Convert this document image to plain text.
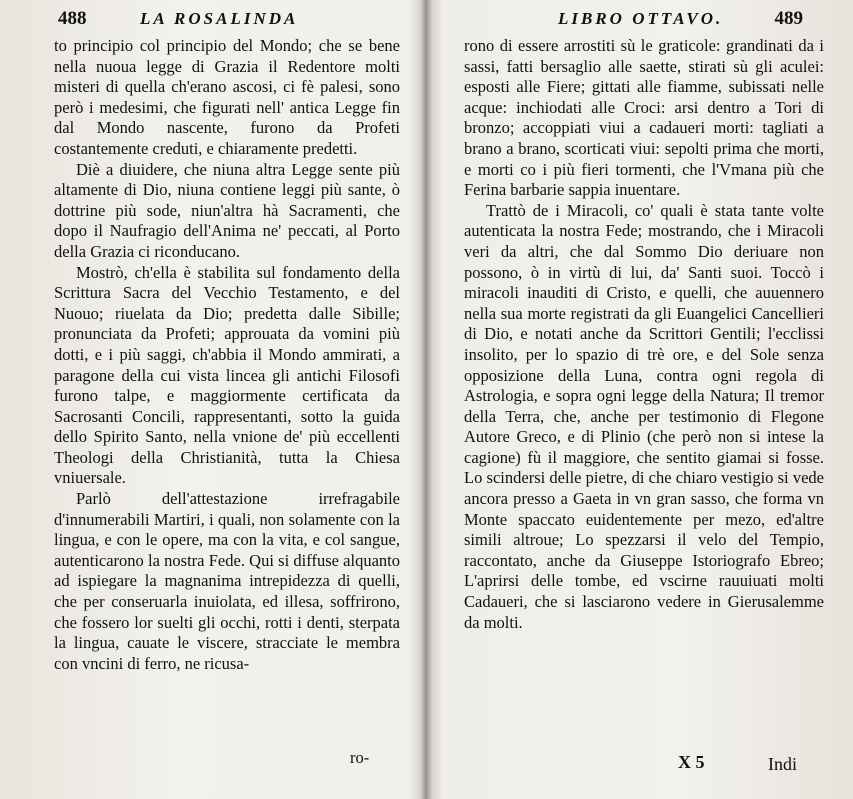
488	LA ROSALINDA

to principio col principio del Mondo; che se bene nella nuoua legge di Grazia il Redentore molti misteri di quella ch'erano ascosi, ci fè palesi, sono però i medesimi, che figurati nell' antica Legge fin dal Mondo nascente, furono da Profeti costantemente creduti, e chiaramente predetti.

Diè a diuidere, che niuna altra Legge sente più altamente di Dio, niuna contiene leggi più sante, ò dottrine più sode, niun'altra hà Sacramenti, che dopo il Naufragio dell'Anima ne' peccati, al Porto della Grazia ci riconducano.

Mostrò, ch'ella è stabilita sul fondamento della Scrittura Sacra del Vecchio Testamento, e del Nuouo; riuelata da Dio; predetta dalle Sibille; pronunciata da Profeti; approuata da vomini più dotti, e i più saggi, ch'abbia il Mondo ammirati, a paragone della cui vista lincea gli antichi Filosofi furono talpe, e maggiormente certificata da Sacrosanti Concili, rappresentanti, sotto la guida dello Spirito Santo, nella vnione de' più eccellenti Theologi della Christianità, tutta la Chiesa vniuersale.

Parlò dell'attestazione irrefragabile d'innumerabili Martiri, i quali, non solamente con la lingua, e con le opere, ma con la vita, e col sangue, autenticarono la nostra Fede. Qui si diffuse alquanto ad ispiegare la magnanima intrepidezza di quelli, che per conseruarla inuiolata, ed illesa, soffrirono, che fossero lor suelti gli occhi, rotti i denti, sterpata la lingua, cauate le viscere, stracciate le membra con vncini di ferro, ne ricusa-

ro-
LIBRO OTTAVO.	489

rono di essere arrostiti sù le graticole: grandinati da i sassi, fatti bersaglio alle saette, stirati sù gli aculei: esposti alle Fiere; gittati alle fiamme, subissati nelle acque: inchiodati alle Croci: arsi dentro a Tori di bronzo; accoppiati viui a cadaueri morti: tagliati a brano a brano, scorticati viui: sepolti prima che morti, e morti co i più fieri tormenti, che l'Vmana più che Ferina barbarie sappia inuentare.

Trattò de i Miracoli, co' quali è stata tante volte autenticata la nostra Fede; mostrando, che i Miracoli veri da altri, che dal Sommo Dio deriuare non possono, ò in virtù di lui, da' Santi suoi. Toccò i miracoli inauditi di Cristo, e quelli, che auuennero nella sua morte registrati da gli Euangelici Cancellieri di Dio, e notati anche da Scrittori Gentili; l'ecclissi insolito, per lo spazio di trè ore, e del Sole senza opposizione della Luna, contra ogni regola di Astrologia, e sopra ogni legge della Natura; Il tremor della Terra, che, anche per testimonio di Flegone Autore Greco, e di Plinio (che però non si intese la cagione) fù il maggiore, che sentito giamai si fosse. Lo scindersi delle pietre, di che chiaro vestigio si vede ancora presso a Gaeta in vn gran sasso, che forma vn Monte spaccato euidentemente per mezo, ed'altre simili altroue; Lo spezzarsi il velo del Tempio, raccontato, anche da Giuseppe Istoriografo Ebreo; L'aprirsi delle tombe, ed vscirne rauuiuati molti Cadaueri, che si lasciarono vedere in Gierusalemme da molti.

X 5	Indi
